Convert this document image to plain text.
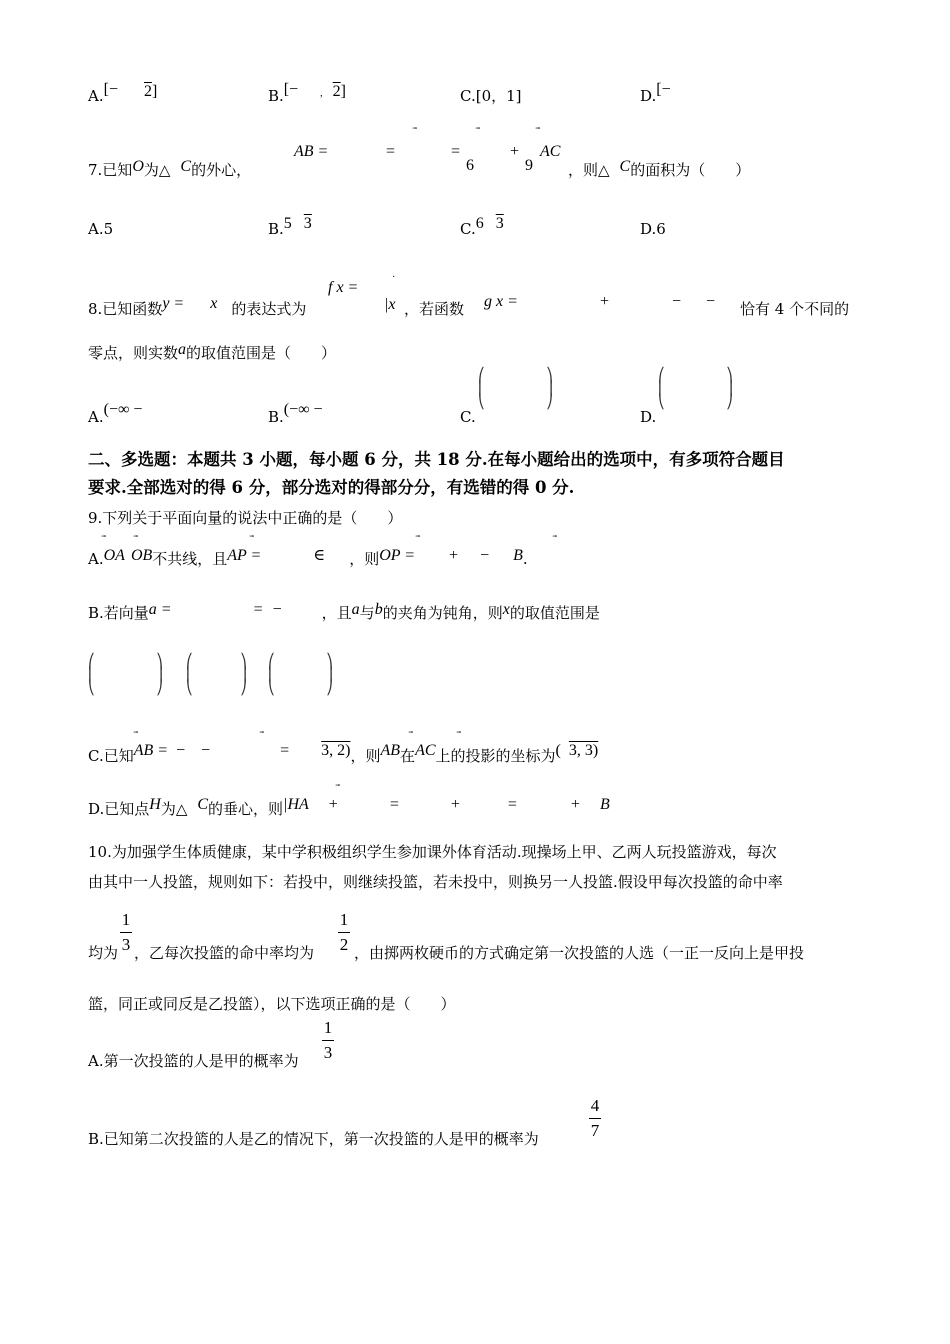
A.[− 2]	B.[− , 2]	C.[0，1]	D.[−
7.已知O为△ C的外心，
AB =	=	=
6
+
9
AC
，则△ C的面积为（　　）
A.5	B.5 3	C.6 3	D.6
8.已知函数y = x 的表达式为
f x =
·
|x ，若函数 g x =	+	− − 恰有 4 个不同的
零点，则实数a的取值范围是（　　）
A.(−∞ −	B.(−∞ −	C.	D.
⎛
⎜
⎝
⎞
⎟
⎠
⎛
⎜
⎝
⎞
⎟
⎠
二、多选题：本题共 3 小题，每小题 6 分，共 18 分.在每小题给出的选项中，有多项符合题目
要求.全部选对的得 6 分，部分选对的得部分分，有选错的得 0 分.
9.下列关于平面向量的说法中正确的是（　　）
A.OA OB不共线，且AP =	∈ ，则OP = + − B.
B.若向量a =	= −	，且a与b的夹角为钝角，则x的取值范围是
⎛
⎜
⎝
⎞
⎟
⎠
⎛
⎜
⎝
⎞
⎟
⎠
⎛
⎜
⎝
⎞
⎟
⎠
C.已知AB = − −	= 3, 2)，则AB在AC上的投影的坐标为( 3, 3)
D.已知点H为△ C的垂心，则|HA +	=	+	=	+ B
10.为加强学生体质健康，某中学积极组织学生参加课外体育活动.现操场上甲、乙两人玩投篮游戏，每次
由其中一人投篮，规则如下：若投中，则继续投篮，若未投中，则换另一人投篮.假设甲每次投篮的命中率
均为
1
3 ，乙每次投篮的命中率均为
1
2 ，由掷两枚硬币的方式确定第一次投篮的人选（一正一反向上是甲投
篮，同正或同反是乙投篮），以下选项正确的是（　　）
A.第一次投篮的人是甲的概率为
1
3
B.已知第二次投篮的人是乙的情况下，第一次投篮的人是甲的概率为
4
7
